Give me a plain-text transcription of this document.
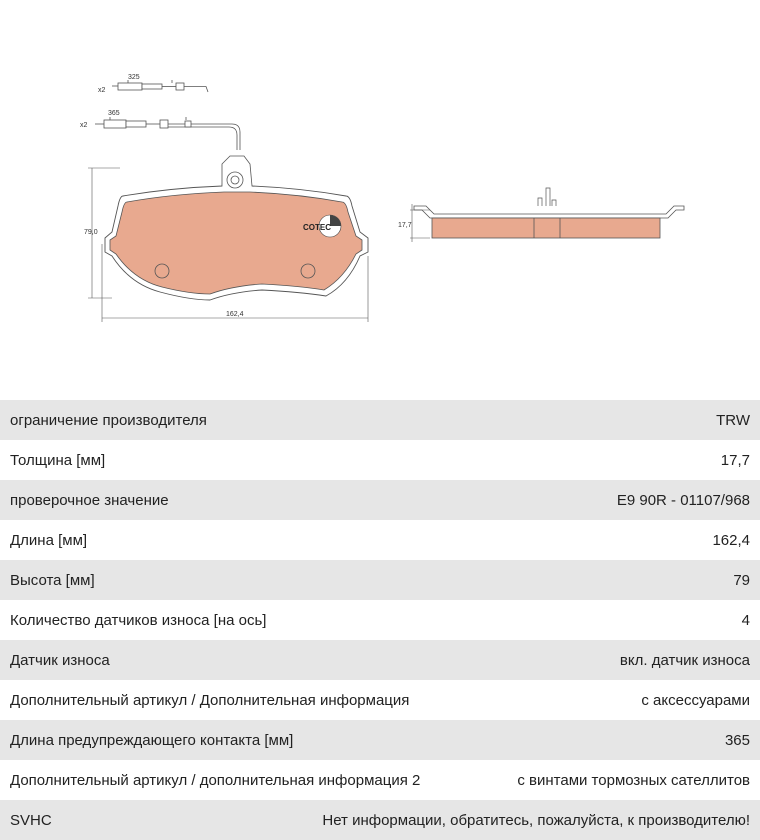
325
x2
365
x2
COTEC
79,0
162,4
17,7
ограничение производителя	TRW
Толщина [мм]	17,7
проверочное значение	E9 90R - 01107/968
Длина [мм]	162,4
Высота [мм]	79
Количество датчиков износа [на ось]	4
Датчик износа	вкл. датчик износа
Дополнительный артикул / Дополнительная информация	с аксессуарами
Длина предупреждающего контакта [мм]	365
Дополнительный артикул / дополнительная информация 2	с винтами тормозных сателлитов
SVHC	Нет информации, обратитесь, пожалуйста, к производителю!
